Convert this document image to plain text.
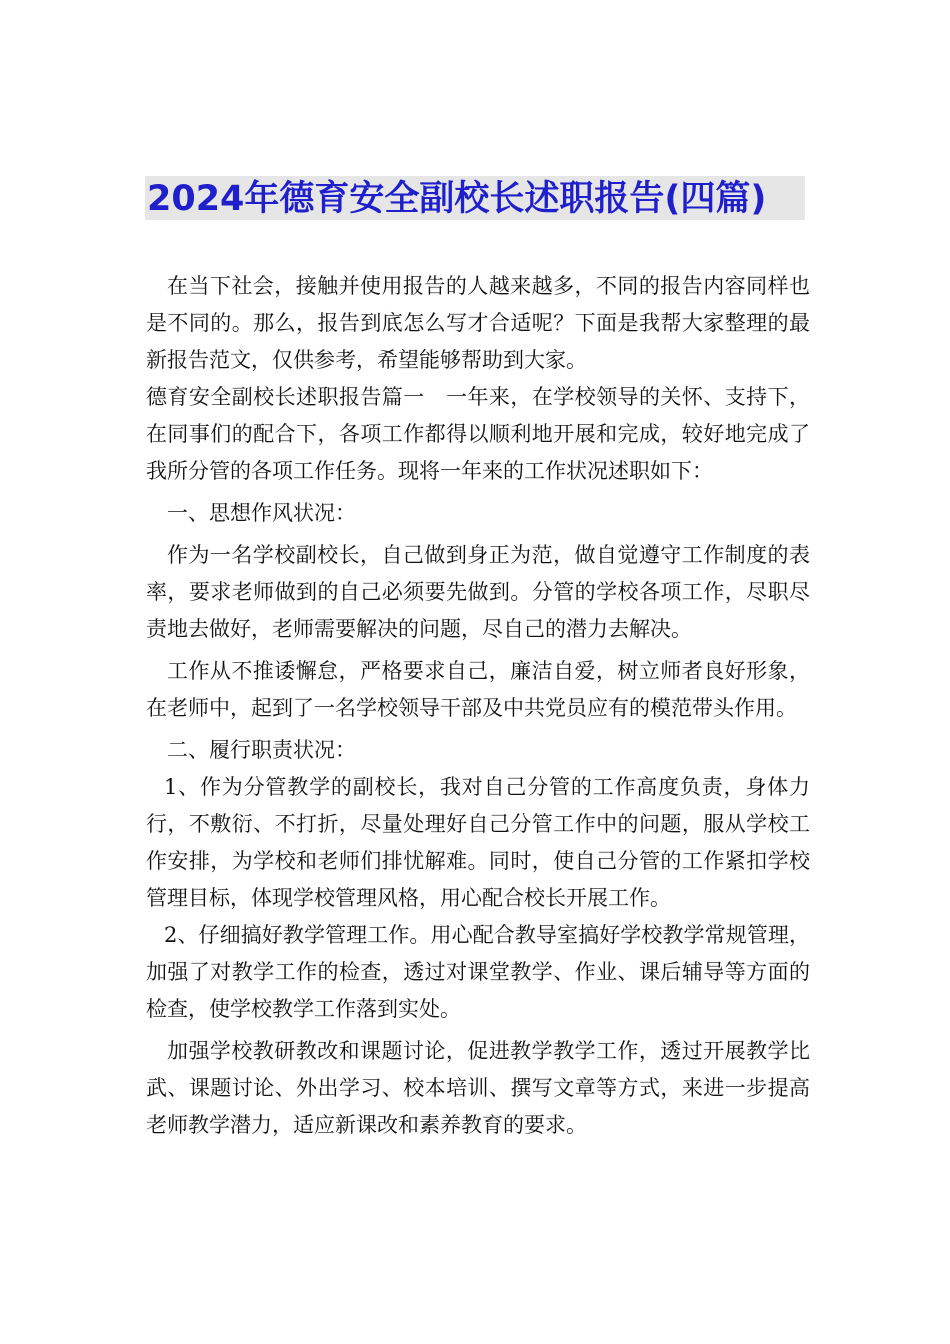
2024年德育安全副校长述职报告(四篇)

在当下社会，接触并使用报告的人越来越多，不同的报告内容同样也是不同的。那么，报告到底怎么写才合适呢？下面是我帮大家整理的最新报告范文，仅供参考，希望能够帮助到大家。

德育安全副校长述职报告篇一　一年来，在学校领导的关怀、支持下，在同事们的配合下，各项工作都得以顺利地开展和完成，较好地完成了我所分管的各项工作任务。现将一年来的工作状况述职如下：

一、思想作风状况：

作为一名学校副校长，自己做到身正为范，做自觉遵守工作制度的表率，要求老师做到的自己必须要先做到。分管的学校各项工作，尽职尽责地去做好，老师需要解决的问题，尽自己的潜力去解决。

工作从不推诿懈怠，严格要求自己，廉洁自爱，树立师者良好形象，在老师中，起到了一名学校领导干部及中共党员应有的模范带头作用。

二、履行职责状况：

1、作为分管教学的副校长，我对自己分管的工作高度负责，身体力行，不敷衍、不打折，尽量处理好自己分管工作中的问题，服从学校工作安排，为学校和老师们排忧解难。同时，使自己分管的工作紧扣学校管理目标，体现学校管理风格，用心配合校长开展工作。

2、仔细搞好教学管理工作。用心配合教导室搞好学校教学常规管理，加强了对教学工作的检查，透过对课堂教学、作业、课后辅导等方面的检查，使学校教学工作落到实处。

加强学校教研教改和课题讨论，促进教学教学工作，透过开展教学比武、课题讨论、外出学习、校本培训、撰写文章等方式，来进一步提高老师教学潜力，适应新课改和素养教育的要求。
